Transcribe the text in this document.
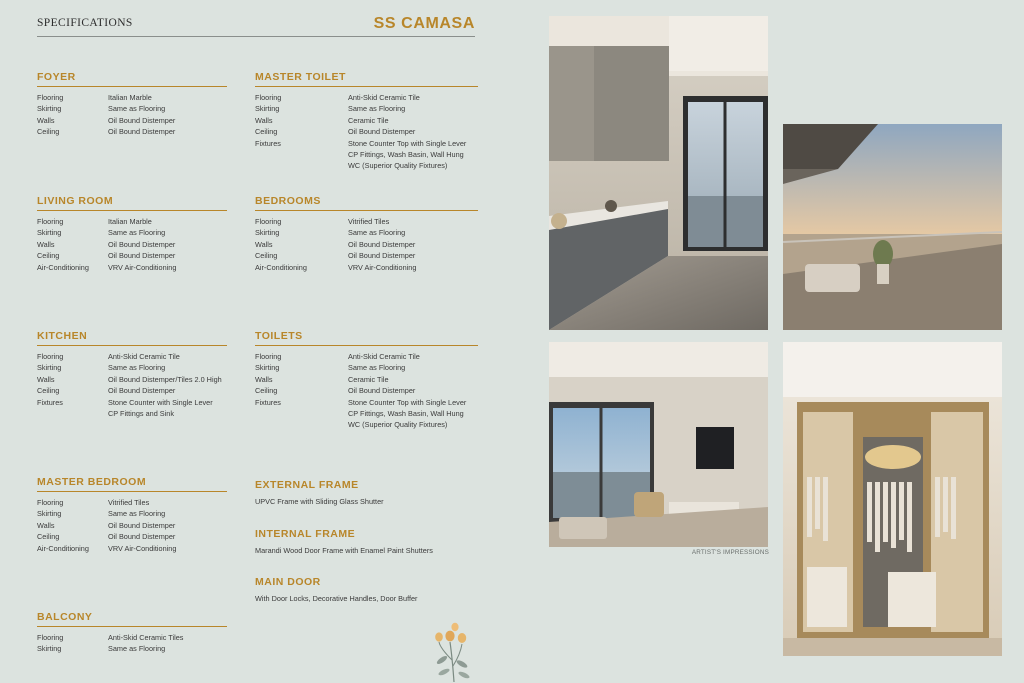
SPECIFICATIONS	SS CAMASA
FOYER
Flooring	Italian Marble
Skirting	Same as Flooring
Walls	Oil Bound Distemper
Ceiling	Oil Bound Distemper
LIVING ROOM
Flooring	Italian Marble
Skirting	Same as Flooring
Walls	Oil Bound Distemper
Ceiling	Oil Bound Distemper
Air-Conditioning	VRV Air-Conditioning
KITCHEN
Flooring	Anti-Skid Ceramic Tile
Skirting	Same as Flooring
Walls	Oil Bound Distemper/Tiles 2.0 High
Ceiling	Oil Bound Distemper
Fixtures	Stone Counter with Single Lever
CP Fittings and Sink
MASTER BEDROOM
Flooring	Vitrified Tiles
Skirting	Same as Flooring
Walls	Oil Bound Distemper
Ceiling	Oil Bound Distemper
Air-Conditioning	VRV Air-Conditioning
BALCONY
Flooring	Anti-Skid Ceramic Tiles
Skirting	Same as Flooring
MASTER TOILET
Flooring	Anti-Skid Ceramic Tile
Skirting	Same as Flooring
Walls	Ceramic Tile
Ceiling	Oil Bound Distemper
Fixtures	Stone Counter Top with Single Lever
CP Fittings, Wash Basin, Wall Hung
WC (Superior Quality Fixtures)
BEDROOMS
Flooring	Vitrified Tiles
Skirting	Same as Flooring
Walls	Oil Bound Distemper
Ceiling	Oil Bound Distemper
Air-Conditioning	VRV Air-Conditioning
TOILETS
Flooring	Anti-Skid Ceramic Tile
Skirting	Same as Flooring
Walls	Ceramic Tile
Ceiling	Oil Bound Distemper
Fixtures	Stone Counter Top with Single Lever
CP Fittings, Wash Basin, Wall Hung
WC (Superior Quality Fixtures)
EXTERNAL FRAME
UPVC Frame with Sliding Glass Shutter
INTERNAL FRAME
Marandi Wood Door Frame with Enamel Paint Shutters
MAIN DOOR
With Door Locks, Decorative Handles, Door Buffer
ARTIST'S IMPRESSIONS
